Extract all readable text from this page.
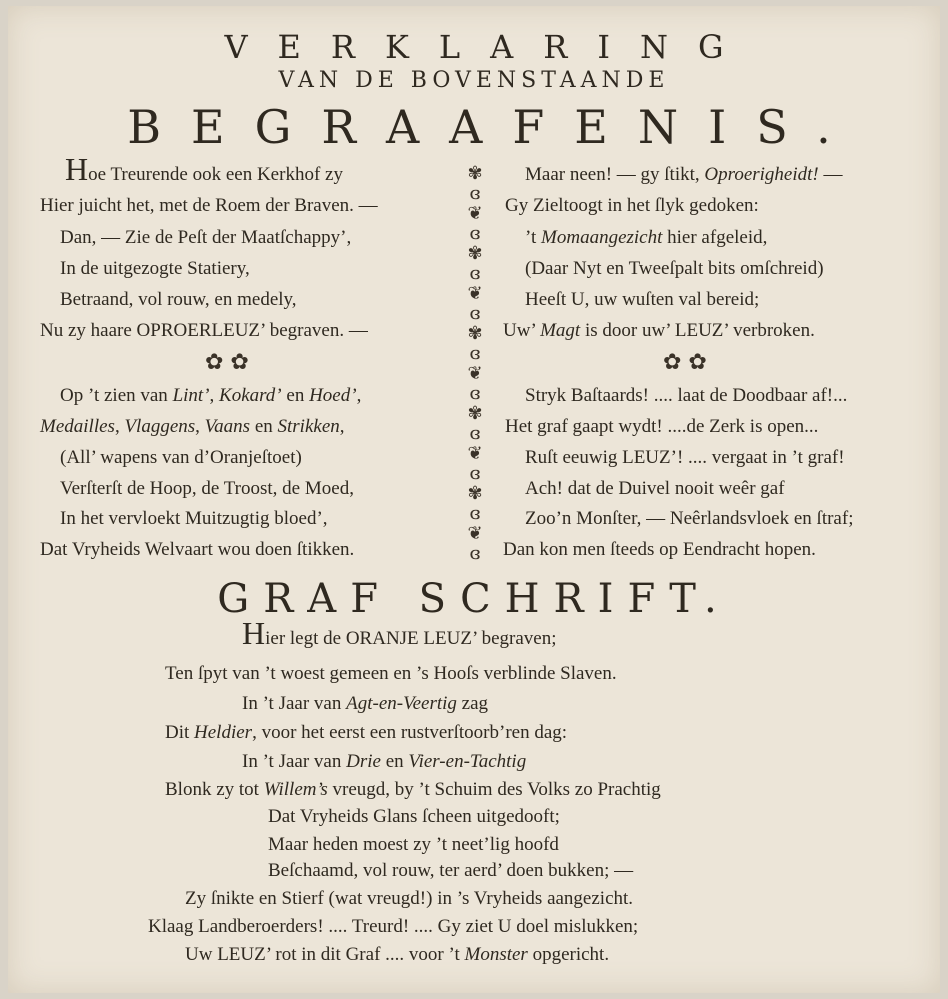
VERKLARING
VAN DE BOVENSTAANDE
BEGRAAFENIS.
GRAF SCHRIFT.
✾
ɞ
❦
ɞ
✾
ɞ
❦
ɞ
✾
ɞ
❦
ɞ
✾
ɞ
❦
ɞ
✾
ɞ
❦
ɞ
✿ ✿	✿ ✿
Hoe Treurende ook een Kerkhof zy
Hier juicht het, met de Roem der Braven. —
Dan, — Zie de Peſt der Maatſchappy’,
In de uitgezogte Statiery,
Betraand, vol rouw, en medely,
Nu zy haare OPROERLEUZ’ begraven. —
Op ’t zien van Lint’, Kokard’ en Hoed’,
Medailles, Vlaggens, Vaans en Strikken,
(All’ wapens van d’Oranjeſtoet)
Verſterſt de Hoop, de Troost, de Moed,
In het vervloekt Muitzugtig bloed’,
Dat Vryheids Welvaart wou doen ſtikken.
Maar neen! — gy ſtikt, Oproerigheidt! —
Gy Zieltoogt in het ſlyk gedoken:
’t Momaangezicht hier afgeleid,
(Daar Nyt en Tweeſpalt bits omſchreid)
Heeſt U, uw wuſten val bereid;
Uw’ Magt is door uw’ LEUZ’ verbroken.
Stryk Baſtaards! .... laat de Doodbaar af!...
Het graf gaapt wydt! ....de Zerk is open...
Ruſt eeuwig LEUZ’! .... vergaat in ’t graf!
Ach! dat de Duivel nooit weêr gaf
Zoo’n Monſter, — Neêrlandsvloek en ſtraf;
Dan kon men ſteeds op Eendracht hopen.
Hier legt de ORANJE LEUZ’ begraven;
Ten ſpyt van ’t woest gemeen en ’s Hooſs verblinde Slaven.
In ’t Jaar van Agt-en-Veertig zag
Dit Heldier, voor het eerst een rustverſtoorb’ren dag:
In ’t Jaar van Drie en Vier-en-Tachtig
Blonk zy tot Willem’s vreugd, by ’t Schuim des Volks zo Prachtig
Dat Vryheids Glans ſcheen uitgedooft;
Maar heden moest zy ’t neet’lig hoofd
Beſchaamd, vol rouw, ter aerd’ doen bukken; —
Zy ſnikte en Stierf (wat vreugd!) in ’s Vryheids aangezicht.
Klaag Landberoerders! .... Treurd! .... Gy ziet U doel mislukken;
Uw LEUZ’ rot in dit Graf .... voor ’t Monster opgericht.
